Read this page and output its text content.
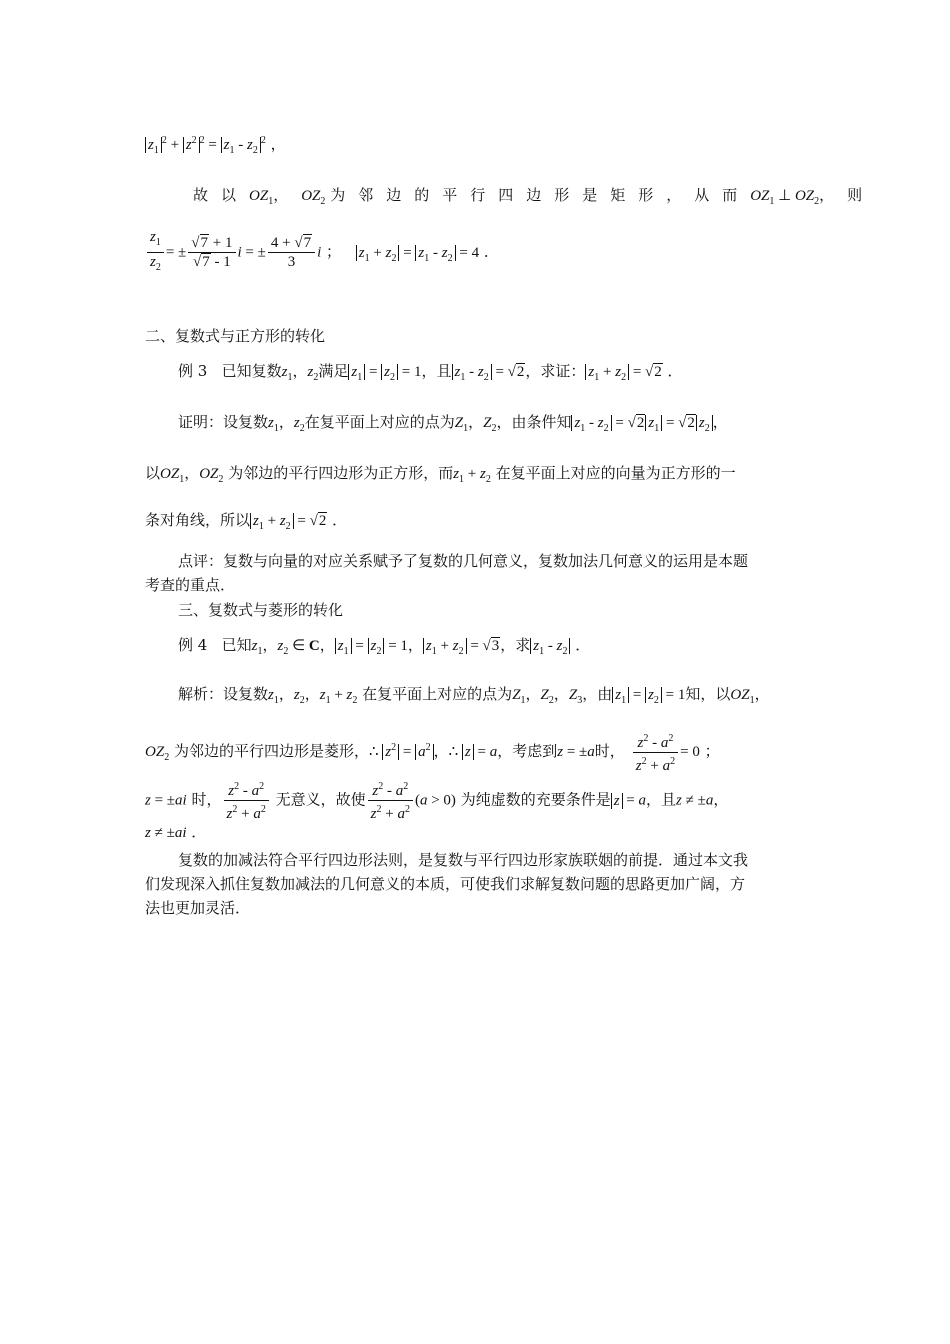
$z_1^2 + z^2$ $^2 = z_1 - z_2^2$ ，
故以$OZ_1$，$OZ_2$ 为邻边的平行四边形是矩形，从而$OZ_1$ ⊥ $OZ_2$，则
$\frac{z_1}{z_2}$ = ± $\frac{√7 + 1}{√7 - 1}$ i = ± $\frac{4 + √7}{3}$ i ； $z_1 + z_2 = z_1 - z_2 = 4$ ．
二、复数式与正方形的转化
例 3 已知复数$z_1$，$z_2$满足 $z_1 = z_2 = 1$，且 $z_1 - z_2 = √2$，求证： $z_1 + z_2 = √2$ ．
证明：设复数$z_1$，$z_2$在复平面上对应的点为$Z_1$，$Z_2$，由条件知 $z_1 - z_2 = √2$ $z_1 = √2$ $z_2$ ，
以$OZ_1$，$OZ_2$ 为邻边的平行四边形为正方形，而$z_1 + z_2$ 在复平面上对应的向量为正方形的一
条对角线，所以 $z_1 + z_2 = √2$ ．
点评：复数与向量的对应关系赋予了复数的几何意义，复数加法几何意义的运用是本题
考查的重点．
三、复数式与菱形的转化
例 4 已知$z_1$，$z_2$ ∈ C， $z_1 = z_2 = 1$， $z_1 + z_2 = √3$，求 $z_1 - z_2$ ．
解析：设复数$z_1$，$z_2$，$z_1 + z_2$ 在复平面上对应的点为$Z_1$，$Z_2$，$Z_3$，由 $z_1 = z_2 = 1$知，以$OZ_1$，
$OZ_2$ 为邻边的平行四边形是菱形，∴ $z^2 = a^2$ ，∴ z = a，考虑到z = ±a时， $\frac{z^2 - a^2}{z^2 + a^2} = 0$ ；
z = ±ai 时， $\frac{z^2 - a^2}{z^2 + a^2}$ 无意义，故使 $\frac{z^2 - a^2}{z^2 + a^2} (a > 0)$ 为纯虚数的充要条件是 z = a，且z ≠ ±a，
z ≠ ±ai ．
复数的加减法符合平行四边形法则，是复数与平行四边形家族联姻的前提．通过本文我
们发现深入抓住复数加减法的几何意义的本质，可使我们求解复数问题的思路更加广阔，方
法也更加灵活．
